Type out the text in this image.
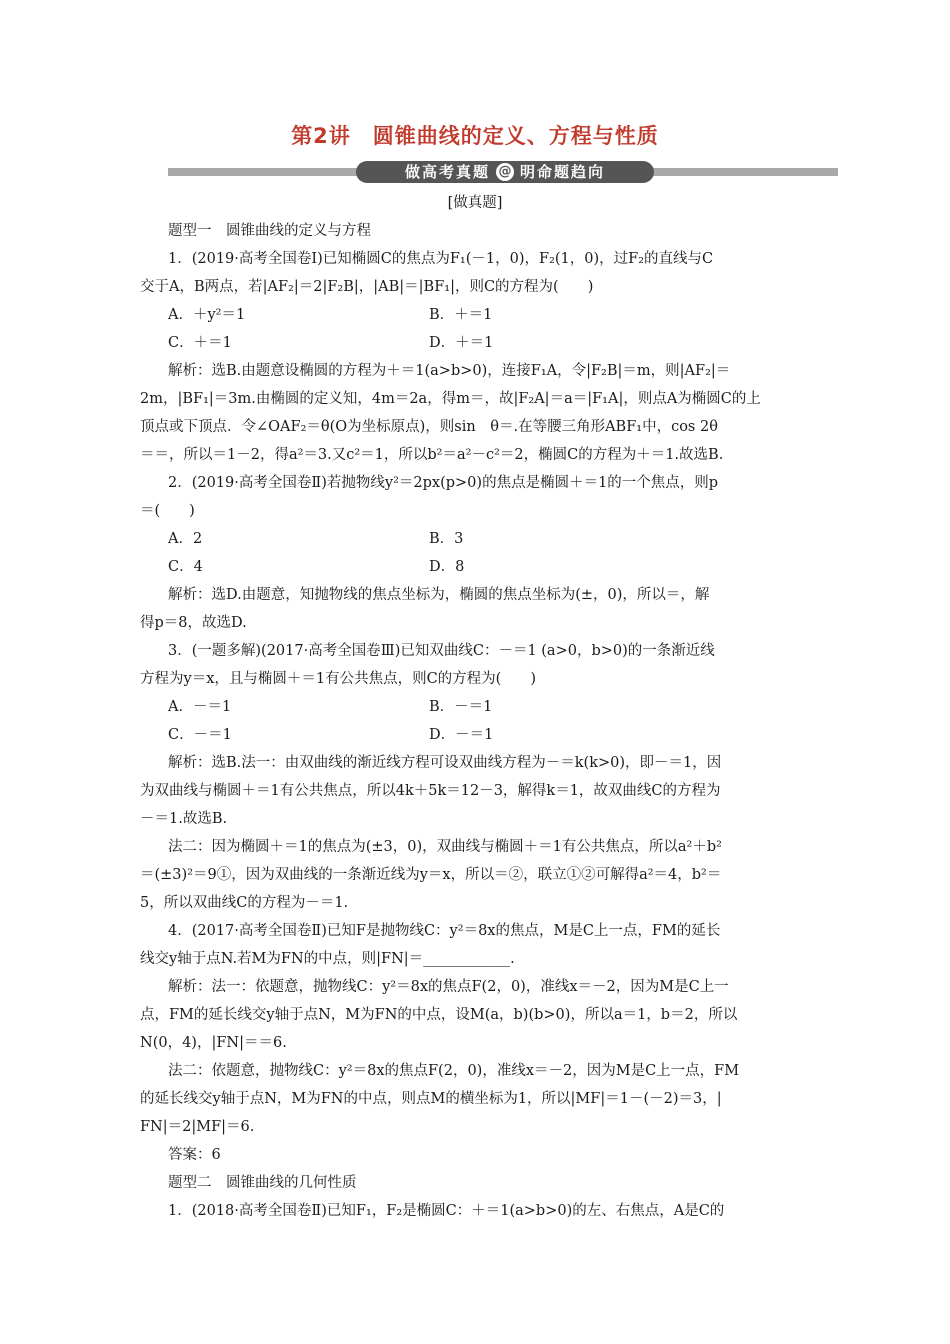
第2讲　圆锥曲线的定义、方程与性质
做高考真题 @ 明命题趋向
[做真题]
题型一　圆锥曲线的定义与方程
1．(2019·高考全国卷Ⅰ)已知椭圆C的焦点为F₁(－1，0)，F₂(1，0)，过F₂的直线与C
交于A，B两点，若|AF₂|＝2|F₂B|，|AB|＝|BF₁|，则C的方程为(　　)
A．＋y²＝1	B．＋＝1
C．＋＝1	D．＋＝1
解析：选B.由题意设椭圆的方程为＋＝1(a>b>0)，连接F₁A，令|F₂B|＝m，则|AF₂|＝
2m，|BF₁|＝3m.由椭圆的定义知，4m＝2a，得m＝，故|F₂A|＝a＝|F₁A|，则点A为椭圆C的上
顶点或下顶点．令∠OAF₂＝θ(O为坐标原点)，则sin　θ＝.在等腰三角形ABF₁中，cos 2θ
＝＝，所以＝1－2，得a²＝3.又c²＝1，所以b²＝a²－c²＝2，椭圆C的方程为＋＝1.故选B.
2．(2019·高考全国卷Ⅱ)若抛物线y²＝2px(p>0)的焦点是椭圆＋＝1的一个焦点，则p
＝(　　)
A．2	B．3
C．4	D．8
解析：选D.由题意，知抛物线的焦点坐标为，椭圆的焦点坐标为(±，0)，所以＝，解
得p＝8，故选D.
3．(一题多解)(2017·高考全国卷Ⅲ)已知双曲线C：－＝1 (a>0，b>0)的一条渐近线
方程为y＝x，且与椭圆＋＝1有公共焦点，则C的方程为(　　)
A．－＝1	B．－＝1
C．－＝1	D．－＝1
解析：选B.法一：由双曲线的渐近线方程可设双曲线方程为－＝k(k>0)，即－＝1，因
为双曲线与椭圆＋＝1有公共焦点，所以4k＋5k＝12－3，解得k＝1，故双曲线C的方程为
－＝1.故选B.
法二：因为椭圆＋＝1的焦点为(±3，0)，双曲线与椭圆＋＝1有公共焦点，所以a²＋b²
＝(±3)²＝9①，因为双曲线的一条渐近线为y＝x，所以＝②，联立①②可解得a²＝4，b²＝
5，所以双曲线C的方程为－＝1.
4．(2017·高考全国卷Ⅱ)已知F是抛物线C：y²＝8x的焦点，M是C上一点，FM的延长
线交y轴于点N.若M为FN的中点，则|FN|＝____________.
解析：法一：依题意，抛物线C：y²＝8x的焦点F(2，0)，准线x＝－2，因为M是C上一
点，FM的延长线交y轴于点N，M为FN的中点，设M(a，b)(b>0)，所以a＝1，b＝2，所以
N(0，4)，|FN|＝＝6.
法二：依题意，抛物线C：y²＝8x的焦点F(2，0)，准线x＝－2，因为M是C上一点，FM
的延长线交y轴于点N，M为FN的中点，则点M的横坐标为1，所以|MF|＝1－(－2)＝3，|
FN|＝2|MF|＝6.
答案：6
题型二　圆锥曲线的几何性质
1．(2018·高考全国卷Ⅱ)已知F₁，F₂是椭圆C：＋＝1(a>b>0)的左、右焦点，A是C的
